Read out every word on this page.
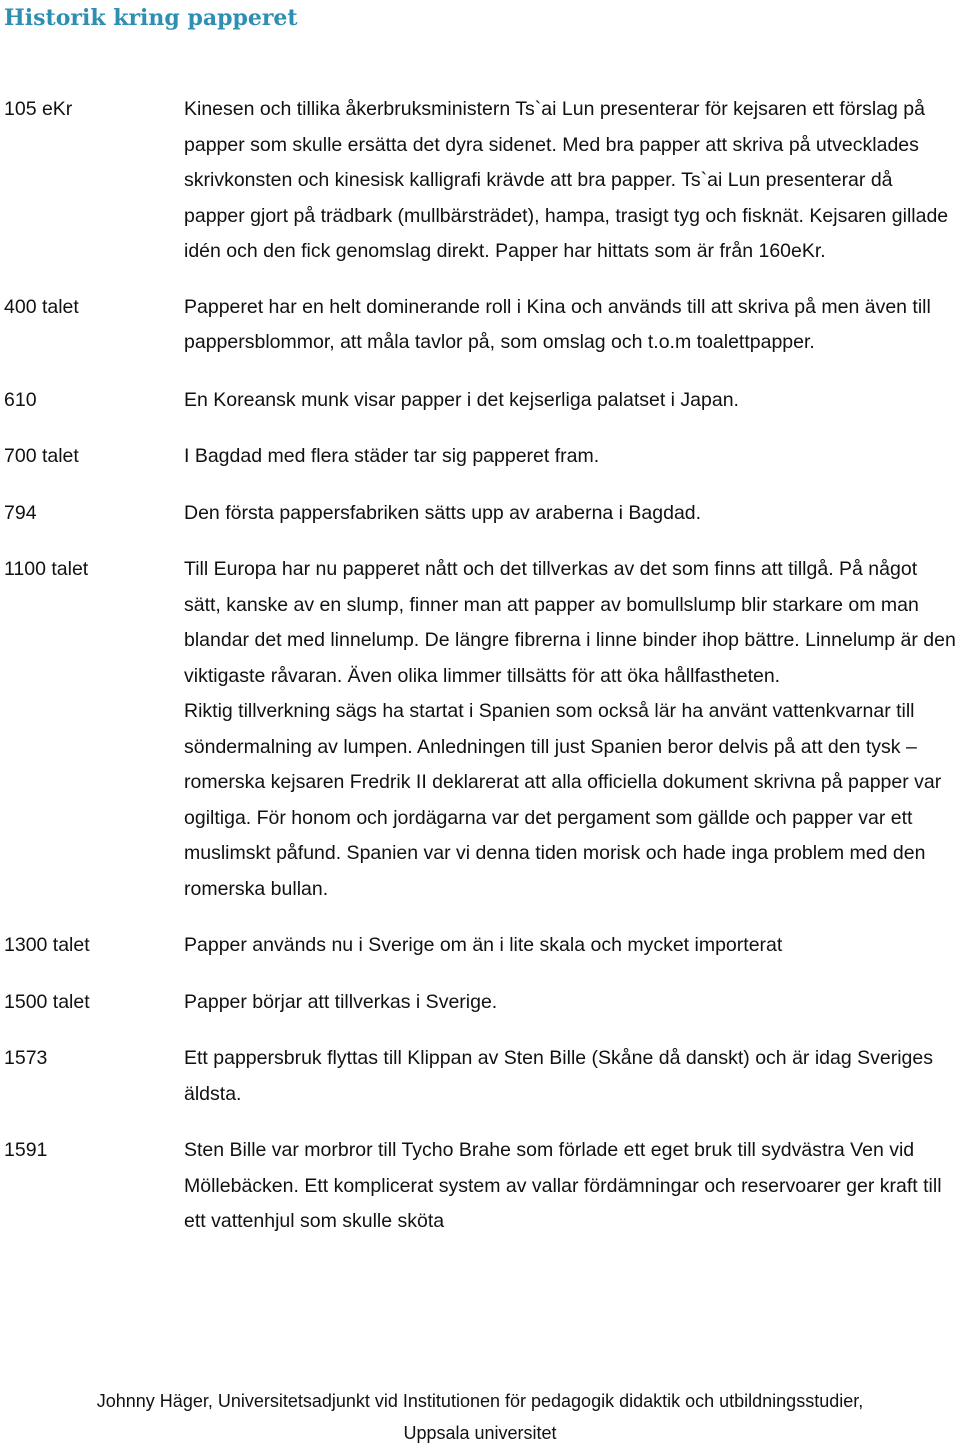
Historik kring papperet
105 eKr	Kinesen och tillika åkerbruksministern Ts`ai Lun presenterar för kejsaren ett förslag på papper som skulle ersätta det dyra sidenet. Med bra papper att skriva på utvecklades skrivkonsten och kinesisk kalligrafi krävde att bra papper. Ts`ai Lun presenterar då papper gjort på trädbark (mullbärsträdet), hampa, trasigt tyg och fisknät. Kejsaren gillade idén och den fick genomslag direkt. Papper har hittats som är från 160eKr.

400 talet	Papperet har en helt dominerande roll i Kina och används till att skriva på men även till pappersblommor, att måla tavlor på, som omslag och t.o.m toalettpapper.

610	En Koreansk munk visar papper i det kejserliga palatset i Japan.

700 talet	I Bagdad med flera städer tar sig papperet fram.

794	Den första pappersfabriken sätts upp av araberna i Bagdad.

1100 talet	Till Europa har nu papperet nått och det tillverkas av det som finns att tillgå. På något sätt, kanske av en slump, finner man att papper av bomullslump blir starkare om man blandar det med linnelump. De längre fibrerna i linne binder ihop bättre. Linnelump är den viktigaste råvaran. Även olika limmer tillsätts för att öka hållfastheten.

Riktig tillverkning sägs ha startat i Spanien som också lär ha använt vattenkvarnar till söndermalning av lumpen. Anledningen till just Spanien beror delvis på att den tysk – romerska kejsaren Fredrik II deklarerat att alla officiella dokument skrivna på papper var ogiltiga. För honom och jordägarna var det pergament som gällde och papper var ett muslimskt påfund. Spanien var vi denna tiden morisk och hade inga problem med den romerska bullan.

1300 talet	Papper används nu i Sverige om än i lite skala och mycket importerat

1500 talet	Papper börjar att tillverkas i Sverige.

1573	Ett pappersbruk flyttas till Klippan av Sten Bille (Skåne då danskt) och är idag Sveriges äldsta.

1591	Sten Bille var morbror till Tycho Brahe som förlade ett eget bruk till sydvästra Ven vid Möllebäcken. Ett komplicerat system av vallar fördämningar och reservoarer ger kraft till ett vattenhjul som skulle sköta

Johnny Häger, Universitetsadjunkt vid Institutionen för pedagogik didaktik och utbildningsstudier,
Uppsala universitet
